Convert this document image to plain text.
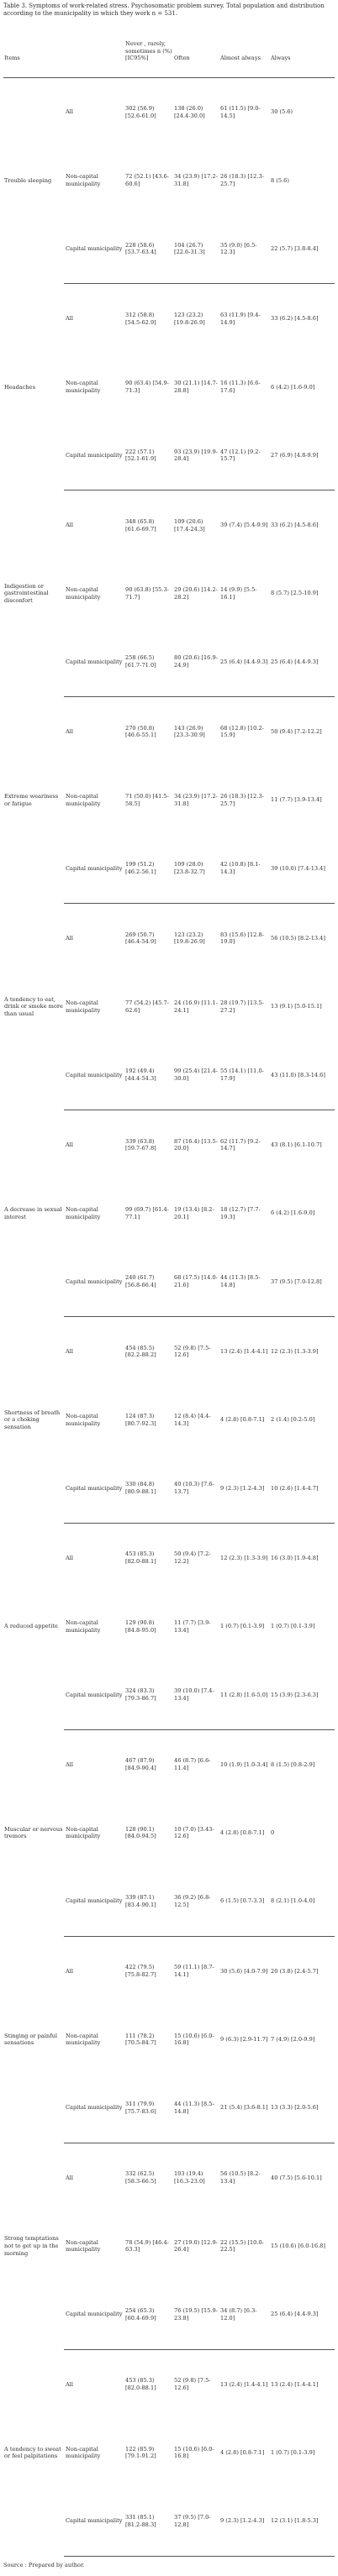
Table 3. Symptoms of work-related stress. Psychosomatic problem survey. Total population and distribution according to the municipality in which they work n = 531.
Items		Never , rarely, sometimes n (%) [IC95%]	Often	Almost always	Always
Trouble sleeping	All	302 (56.9) [52.6-61.0]	138 (26.0) [24.4-30.0]	61 (11.5) [9.0-14.5]	30 (5.6)
	Non-capital municipality	72 (52.1) [43.6-60.6]	34 (23.9) [17.2-31.8]	26 (18.3) [12.3-25.7]	8 (5.6)
	Capital municipality	228 (58.6) [53.7-63.4]	104 (26.7) [22.6-31.3]	35 (9.0) [6.5-12.3]	22 (5.7) [3.8-8.4]
Headaches	All	312 (58.8) [54.5-62.9]	123 (23.2) [19.8-26.9]	63 (11.9) [9.4-14.9]	33 (6.2) [4.5-8.6]
	Non-capital municipality	90 (63.4) [54.9-71.3]	30 (21.1) [14.7-28.8]	16 (11.3) [6.6-17.6]	6 (4.2) [1.6-9.0]
	Capital municipality	222 (57.1) [52.1-61.9]	93 (23.9) [19.9-28.4]	47 (12.1) [9.2-15.7]	27 (6.9) [4.8-9.9]
Indigestion or gastrointestinal disconfort	All	348 (65.8) [61.6-69.7]	109 (20.6) [17.4-24.3]	39 (7.4) [5.4-9.9]	33 (6.2) [4.5-8.6]
	Non-capital municipality	90 (63.8) [55.3-71.7]	29 (20.6) [14.2-28.2]	14 (9.9) [5.5-16.1]	8 (5.7) [2.5-10.9]
	Capital municipality	258 (66.5) [61.7-71.0]	80 (20.6) [16.9-24.9]	25 (6.4) [4.4-9.3]	25 (6.4) [4.4-9.3]
Extreme weariness or fatigue	All	270 (50.8) [46.6-55.1]	143 (26.9) [23.3-30.9]	68 (12.8) [10.2-15.9]	50 (9.4) [7.2-12.2]
	Non-capital municipality	71 (50.0) [41.5-58.5]	34 (23.9) [17.2-31.8]	26 (18.3) [12.3-25.7]	11 (7.7) [3.9-13.4]
	Capital municipality	199 (51.2) [46.2-56.1]	109 (28.0) [23.8-32.7]	42 (10.8) [8.1-14.3]	39 (10.0) [7.4-13.4]
A tendency to eat, drink or smoke more than usual	All	269 (50.7) [46.4-54.9]	123 (23.2) [19.8-26.9]	83 (15.6) [12.8-19.0]	56 (10.5) [8.2-13.4]
	Non-capital municipality	77 (54.2) [45.7-62.6]	24 (16.9) [11.1-24.1]	28 (19.7) [13.5-27.2]	13 (9.1) [5.0-15.1]
	Capital municipality	192 (49.4) [44.4-54.3]	99 (25.4) [21.4-30.0]	55 (14.1) [11.0-17.9]	43 (11.0) [8.3-14.6]
A decrease in sexual interest	All	339 (63.8) [59.7-67.8]	87 (16.4) [13.5-20.0]	62 (11.7) [9.2-14.7]	43 (8.1) [6.1-10.7]
	Non-capital municipality	99 (69.7) [61.4-77.1]	19 (13.4) [8.2-20.1]	18 (12.7) [7.7-19.3]	6 (4.2) [1.6-9.0]
	Capital municipality	240 (61.7) [56.8-66.4]	68 (17.5) [14.0-21.6]	44 (11.3) [8.5-14.8]	37 (9.5) [7.0-12.8]
Shortness of breath or a choking sensation	All	454 (85.5) [82.2-88.2]	52 (9.8) [7.5-12.6]	13 (2.4) [1.4-4.1]	12 (2.3) [1.3-3.9]
	Non-capital municipality	124 (87.3) [80.7-92.3]	12 (8.4) [4.4-14.3]	4 (2.8) [0.8-7.1]	2 (1.4) [0.2-5.0]
	Capital municipality	330 (84.8) [80.9-88.1]	40 (10.3) [7.6-13.7]	9 (2.3) [1.2-4.3]	10 (2.6) [1.4-4.7]
A reduced appetite	All	453 (85.3) [82.0-88.1]	50 (9.4) [7.2-12.2]	12 (2.3) [1.3-3.9]	16 (3.0) [1.9-4.8]
	Non-capital municipality	129 (90.8) [84.8-95.0]	11 (7.7) [3.9-13.4]	1 (0.7) [0.1-3.9]	1 (0.7) [0.1-3.9]
	Capital municipality	324 (83.3) [79.3-86.7]	39 (10.0) [7.4-13.4]	11 (2.8) [1.6-5.0]	15 (3.9) [2.3-6.3]
Muscular or nervous tremors	All	467 (87.9) [84.9-90.4]	46 (8.7) [6.6-11.4]	10 (1.9) [1.0-3.4]	8 (1.5) [0.8-2.9]
	Non-capital municipality	128 (90.1) [84.0-94.5]	10 (7.0) [3.43-12.6]	4 (2.8) [0.8-7.1]	0
	Capital municipality	339 (87.1) [83.4-90.1]	36 (9.2) [6.8-12.5]	6 (1.5) [0.7-3.3]	8 (2.1) [1.0-4.0]
Stinging or painful sensations	All	422 (79.5) [75.8-82.7]	59 (11.1) [8.7-14.1]	30 (5.6) [4.0-7.9]	20 (3.8) [2.4-5.7]
	Non-capital municipality	111 (78.2) [70.5-84.7]	15 (10.6) [6.0-16.8]	9 (6.3) [2.9-11.7]	7 (4.9) [2.0-9.9]
	Capital municipality	311 (79.9) [75.7-83.6]	44 (11.3) [8.5-14.8]	21 (5.4) [3.6-8.1]	13 (3.3) [2.0-5.6]
Strong temptations not to get up in the morning	All	332 (62.5) [58.3-66.5]	103 (19.4) [16.3-23.0]	56 (10.5) [8.2-13.4]	40 (7.5) [5.6-10.1]
	Non-capital municipality	78 (54.9) [46.4-63.3]	27 (19.0) [12.9-26.4]	22 (15.5) [10.0-22.5]	15 (10.6) [6.0-16.8]
	Capital municipality	254 (65.3) [60.4-69.9]	76 (19.5) [15.9-23.8]	34 (8.7) [6.3-12.0]	25 (6.4) [4.4-9.3]
A tendency to sweat or feel palpitations	All	453 (85.3) [82.0-88.1]	52 (9.8) [7.5-12.6]	13 (2.4) [1.4-4.1]	13 (2.4) [1.4-4.1]
	Non-capital municipality	122 (85.9) [79.1-91.2]	15 (10.6) [6.0-16.8]	4 (2.8) [0.8-7.1]	1 (0.7) [0.1-3.9]
	Capital municipality	331 (85.1) [81.2-88.3]	37 (9.5) [7.0-12.8]	9 (2.3) [1.2-4.3]	12 (3.1) [1.8-5.3]
Source : Prepared by author.
